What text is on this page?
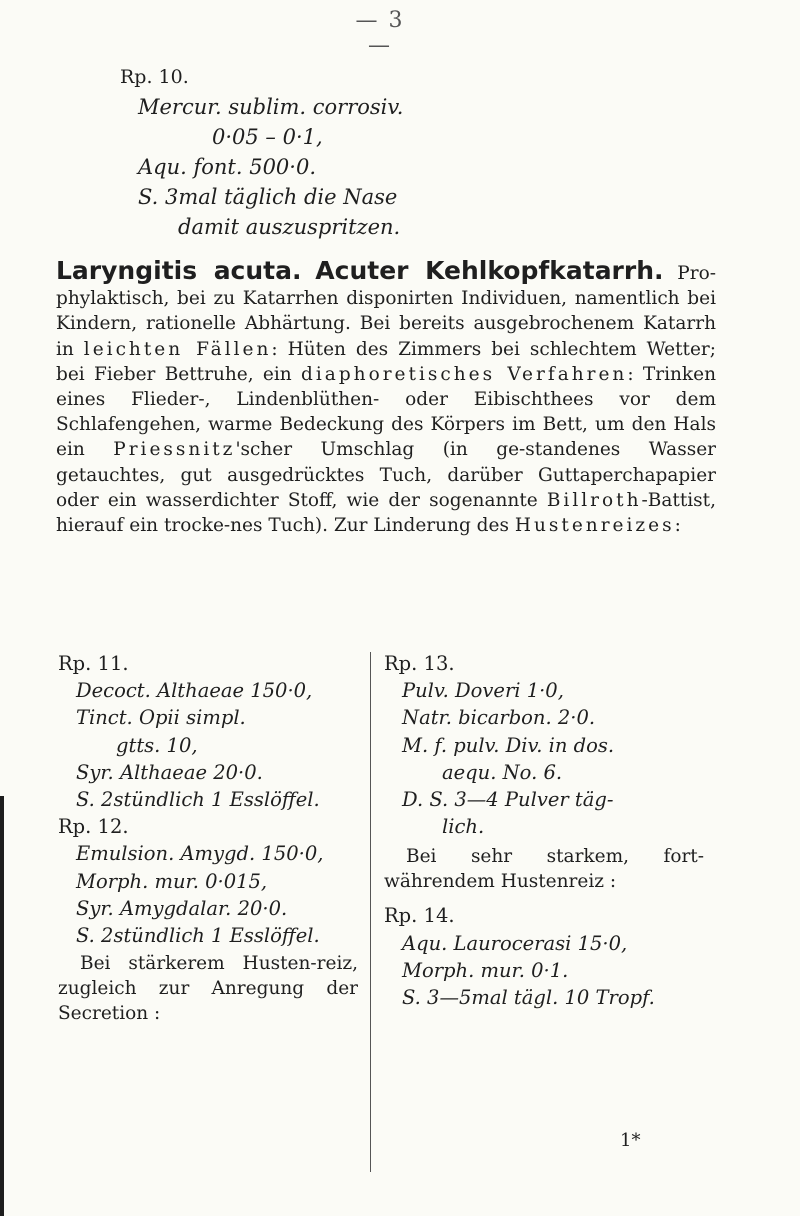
— 3 —
Rp. 10.
Mercur. sublim. corrosiv.
0·05 – 0·1,
Aqu. font. 500·0.
S. 3mal täglich die Nase
damit auszuspritzen.
Laryngitis acuta. Acuter Kehlkopfkatarrh. Pro-phylaktisch, bei zu Katarrhen disponirten Individuen, namentlich bei Kindern, rationelle Abhärtung. Bei bereits ausgebrochenem Katarrh in leichten Fällen: Hüten des Zimmers bei schlechtem Wetter; bei Fieber Bettruhe, ein diaphoretisches Verfahren: Trinken eines Flieder-, Lindenblüthen- oder Eibischthees vor dem Schlafengehen, warme Bedeckung des Körpers im Bett, um den Hals ein Priessnitz'scher Umschlag (in ge-standenes Wasser getauchtes, gut ausgedrücktes Tuch, darüber Guttaperchapapier oder ein wasserdichter Stoff, wie der sogenannte Billroth-Battist, hierauf ein trocke-nes Tuch). Zur Linderung des Hustenreizes:
Rp. 11.
Decoct. Althaeae 150·0,
Tinct. Opii simpl.
gtts. 10,
Syr. Althaeae 20·0.
S. 2stündlich 1 Esslöffel.
Rp. 12.
Emulsion. Amygd. 150·0,
Morph. mur. 0·015,
Syr. Amygdalar. 20·0.
S. 2stündlich 1 Esslöffel.
Bei stärkerem Husten-reiz, zugleich zur Anregung der Secretion :
Rp. 13.
Pulv. Doveri 1·0,
Natr. bicarbon. 2·0.
M. f. pulv. Div. in dos.
aequ. No. 6.
D. S. 3—4 Pulver täg-
lich.
Bei sehr starkem, fort-währendem Hustenreiz :
Rp. 14.
Aqu. Laurocerasi 15·0,
Morph. mur. 0·1.
S. 3—5mal tägl. 10 Tropf.
1*
